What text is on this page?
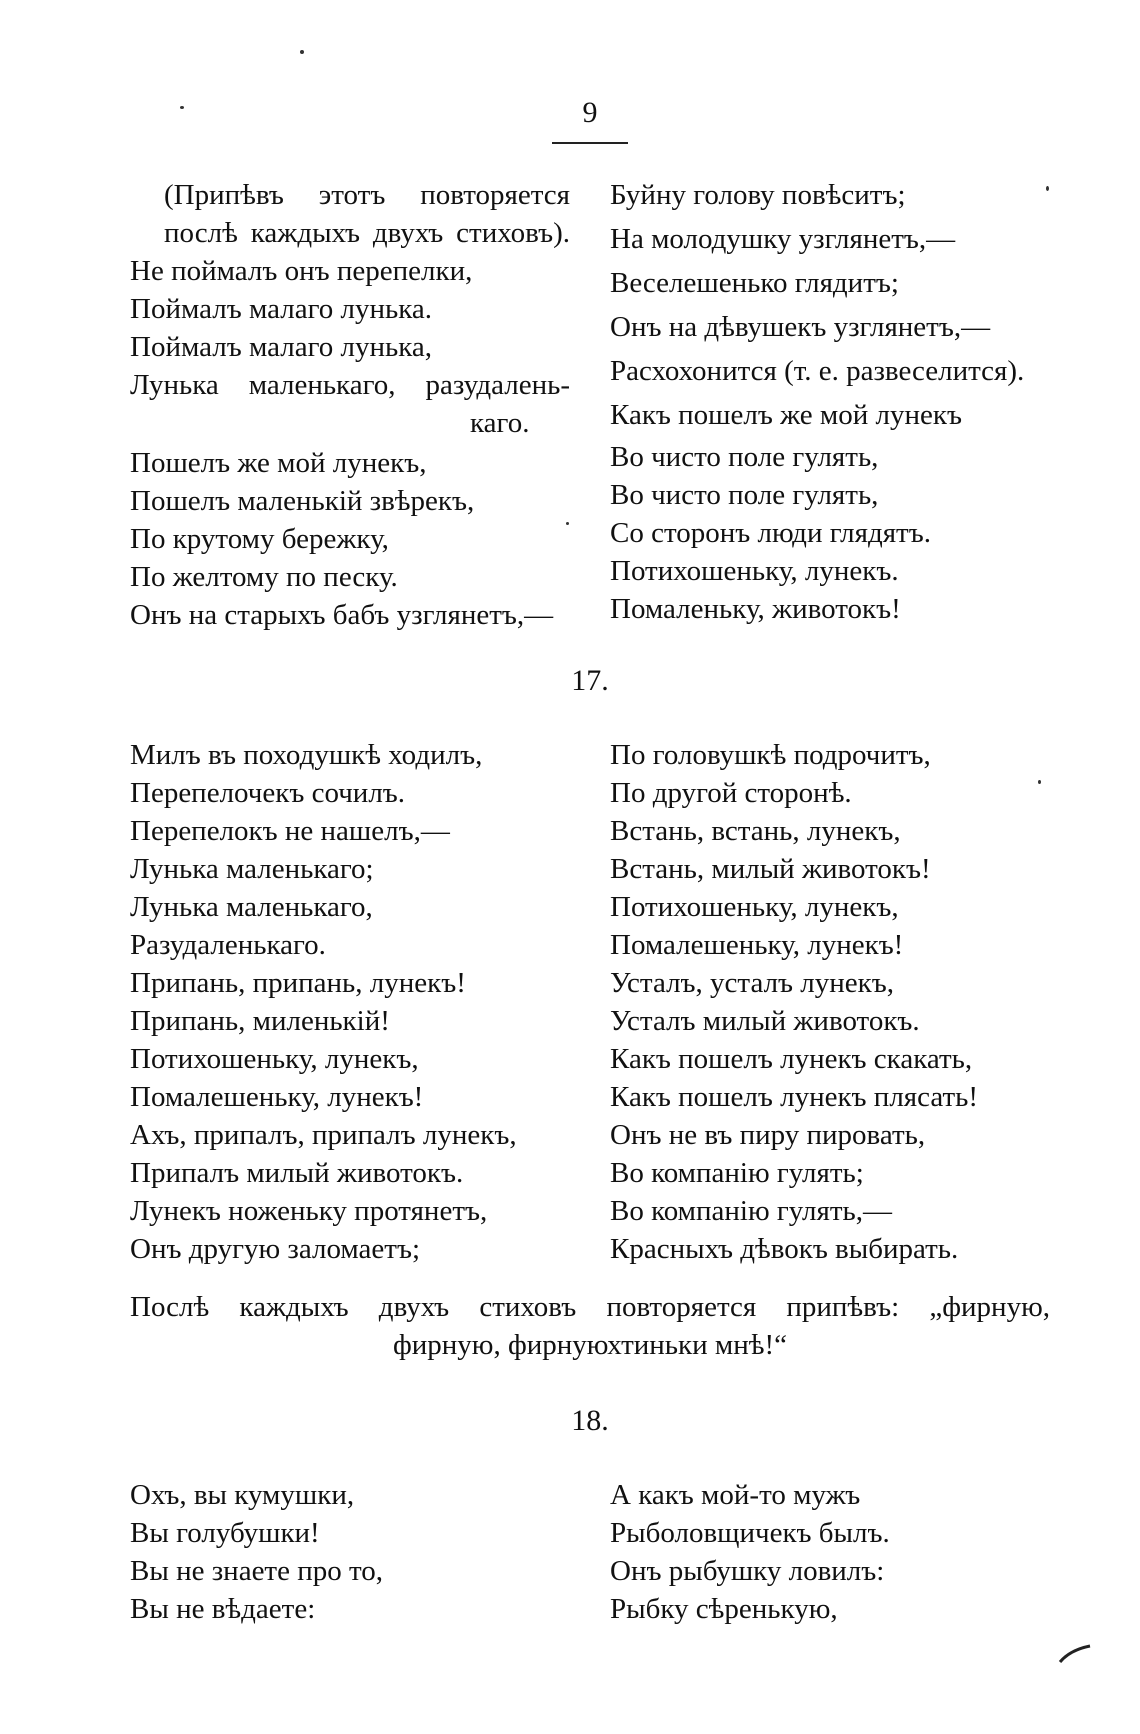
9
(Припѣвъ этотъ повторяется
послѣ каждыхъ двухъ стиховъ).
Не поймалъ онъ перепелки,
Поймалъ малаго лунька.
Поймалъ малаго лунька,
Лунька маленькаго, разудалень-
каго.
Пошелъ же мой лунекъ,
Пошелъ маленькій звѣрекъ,
По крутому бережку,
По желтому по песку.
Онъ на старыхъ бабъ узглянетъ,—
Буйну голову повѣситъ;
На молодушку узглянетъ,—
Веселешенько глядитъ;
Онъ на дѣвушекъ узглянетъ,—
Расхохонится (т. е. развеселится).
Какъ пошелъ же мой лунекъ
Во чисто поле гулять,
Во чисто поле гулять,
Со сторонъ люди глядятъ.
Потихошеньку, лунекъ.
Помаленьку, животокъ!
17.
Милъ въ походушкѣ ходилъ,
Перепелочекъ сочилъ.
Перепелокъ не нашелъ,—
Лунька маленькаго;
Лунька маленькаго,
Разудаленькаго.
Припань, припань, лунекъ!
Припань, миленькій!
Потихошеньку, лунекъ,
Помалешеньку, лунекъ!
Ахъ, припалъ, припалъ лунекъ,
Припалъ милый животокъ.
Лунекъ ноженьку протянетъ,
Онъ другую заломаетъ;
По головушкѣ подрочитъ,
По другой сторонѣ.
Встань, встань, лунекъ,
Встань, милый животокъ!
Потихошеньку, лунекъ,
Помалешеньку, лунекъ!
Усталъ, усталъ лунекъ,
Усталъ милый животокъ.
Какъ пошелъ лунекъ скакать,
Какъ пошелъ лунекъ плясать!
Онъ не въ пиру пировать,
Во компанію гулять;
Во компанію гулять,—
Красныхъ дѣвокъ выбирать.
Послѣ каждыхъ двухъ стиховъ повторяется припѣвъ: „фирную,
фирную, фирнуюхтиньки мнѣ!“
18.
Охъ, вы кумушки,
Вы голубушки!
Вы не знаете про то,
Вы не вѣдаете:
А какъ мой-то мужъ
Рыболовщичекъ былъ.
Онъ рыбушку ловилъ:
Рыбку сѣренькую,
